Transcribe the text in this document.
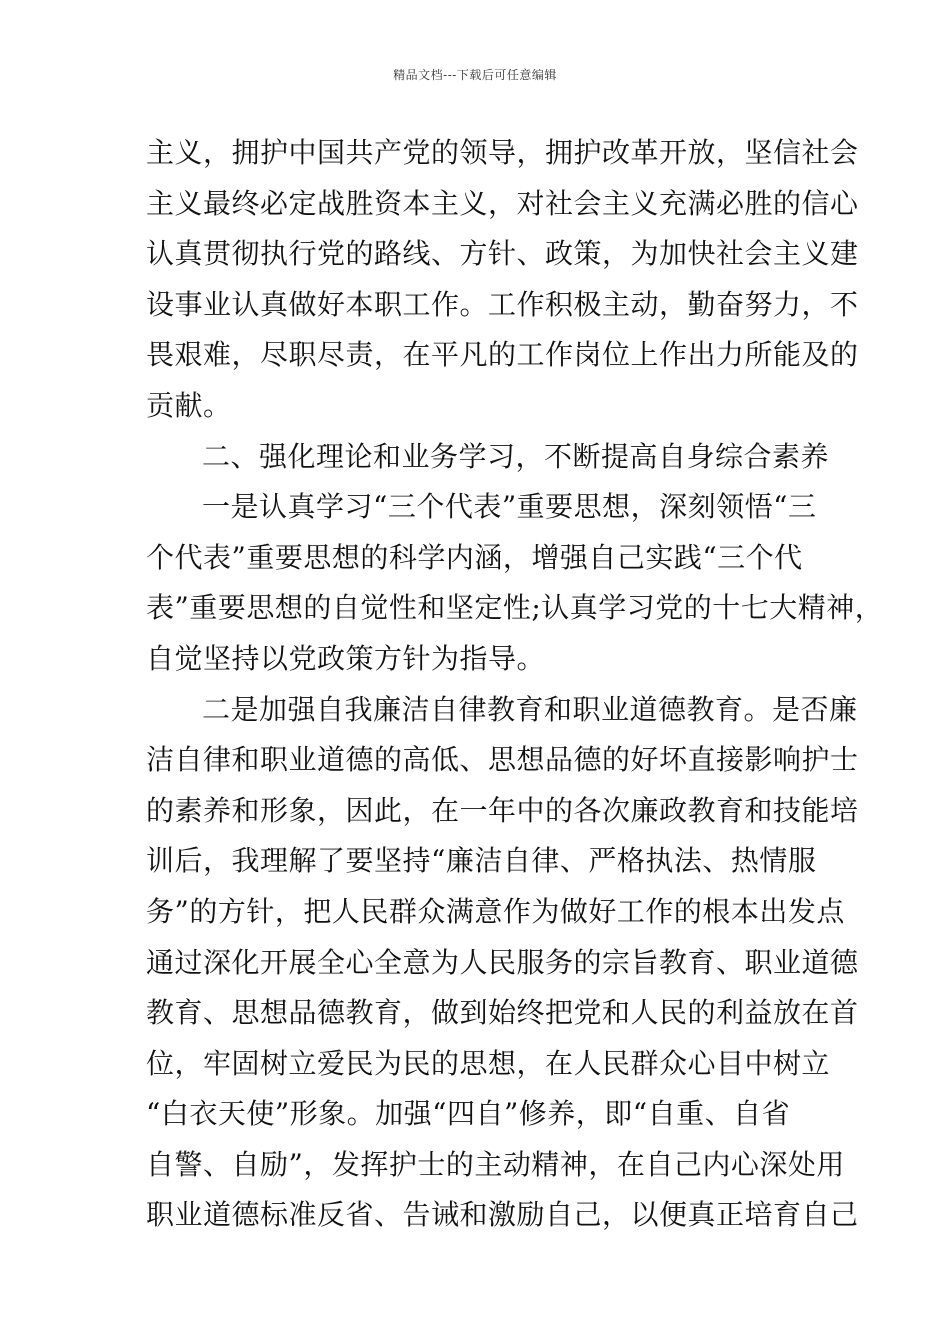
精品文档---下载后可任意编辑
主义，拥护中国共产党的领导，拥护改革开放，坚信社会
主义最终必定战胜资本主义，对社会主义充满必胜的信心
认真贯彻执行党的路线、方针、政策，为加快社会主义建
设事业认真做好本职工作。工作积极主动，勤奋努力，不
畏艰难，尽职尽责，在平凡的工作岗位上作出力所能及的
贡献。
二、强化理论和业务学习，不断提高自身综合素养
一是认真学习“三个代表”重要思想，深刻领悟“三
个代表”重要思想的科学内涵，增强自己实践“三个代
表”重要思想的自觉性和坚定性;认真学习党的十七大精神，
自觉坚持以党政策方针为指导。
二是加强自我廉洁自律教育和职业道德教育。是否廉
洁自律和职业道德的高低、思想品德的好坏直接影响护士
的素养和形象，因此，在一年中的各次廉政教育和技能培
训后，我理解了要坚持“廉洁自律、严格执法、热情服
务”的方针，把人民群众满意作为做好工作的根本出发点
通过深化开展全心全意为人民服务的宗旨教育、职业道德
教育、思想品德教育，做到始终把党和人民的利益放在首
位，牢固树立爱民为民的思想，在人民群众心目中树立
“白衣天使”形象。加强“四自”修养，即“自重、自省
自警、自励”，发挥护士的主动精神，在自己内心深处用
职业道德标准反省、告诫和激励自己，以便真正培育自己
